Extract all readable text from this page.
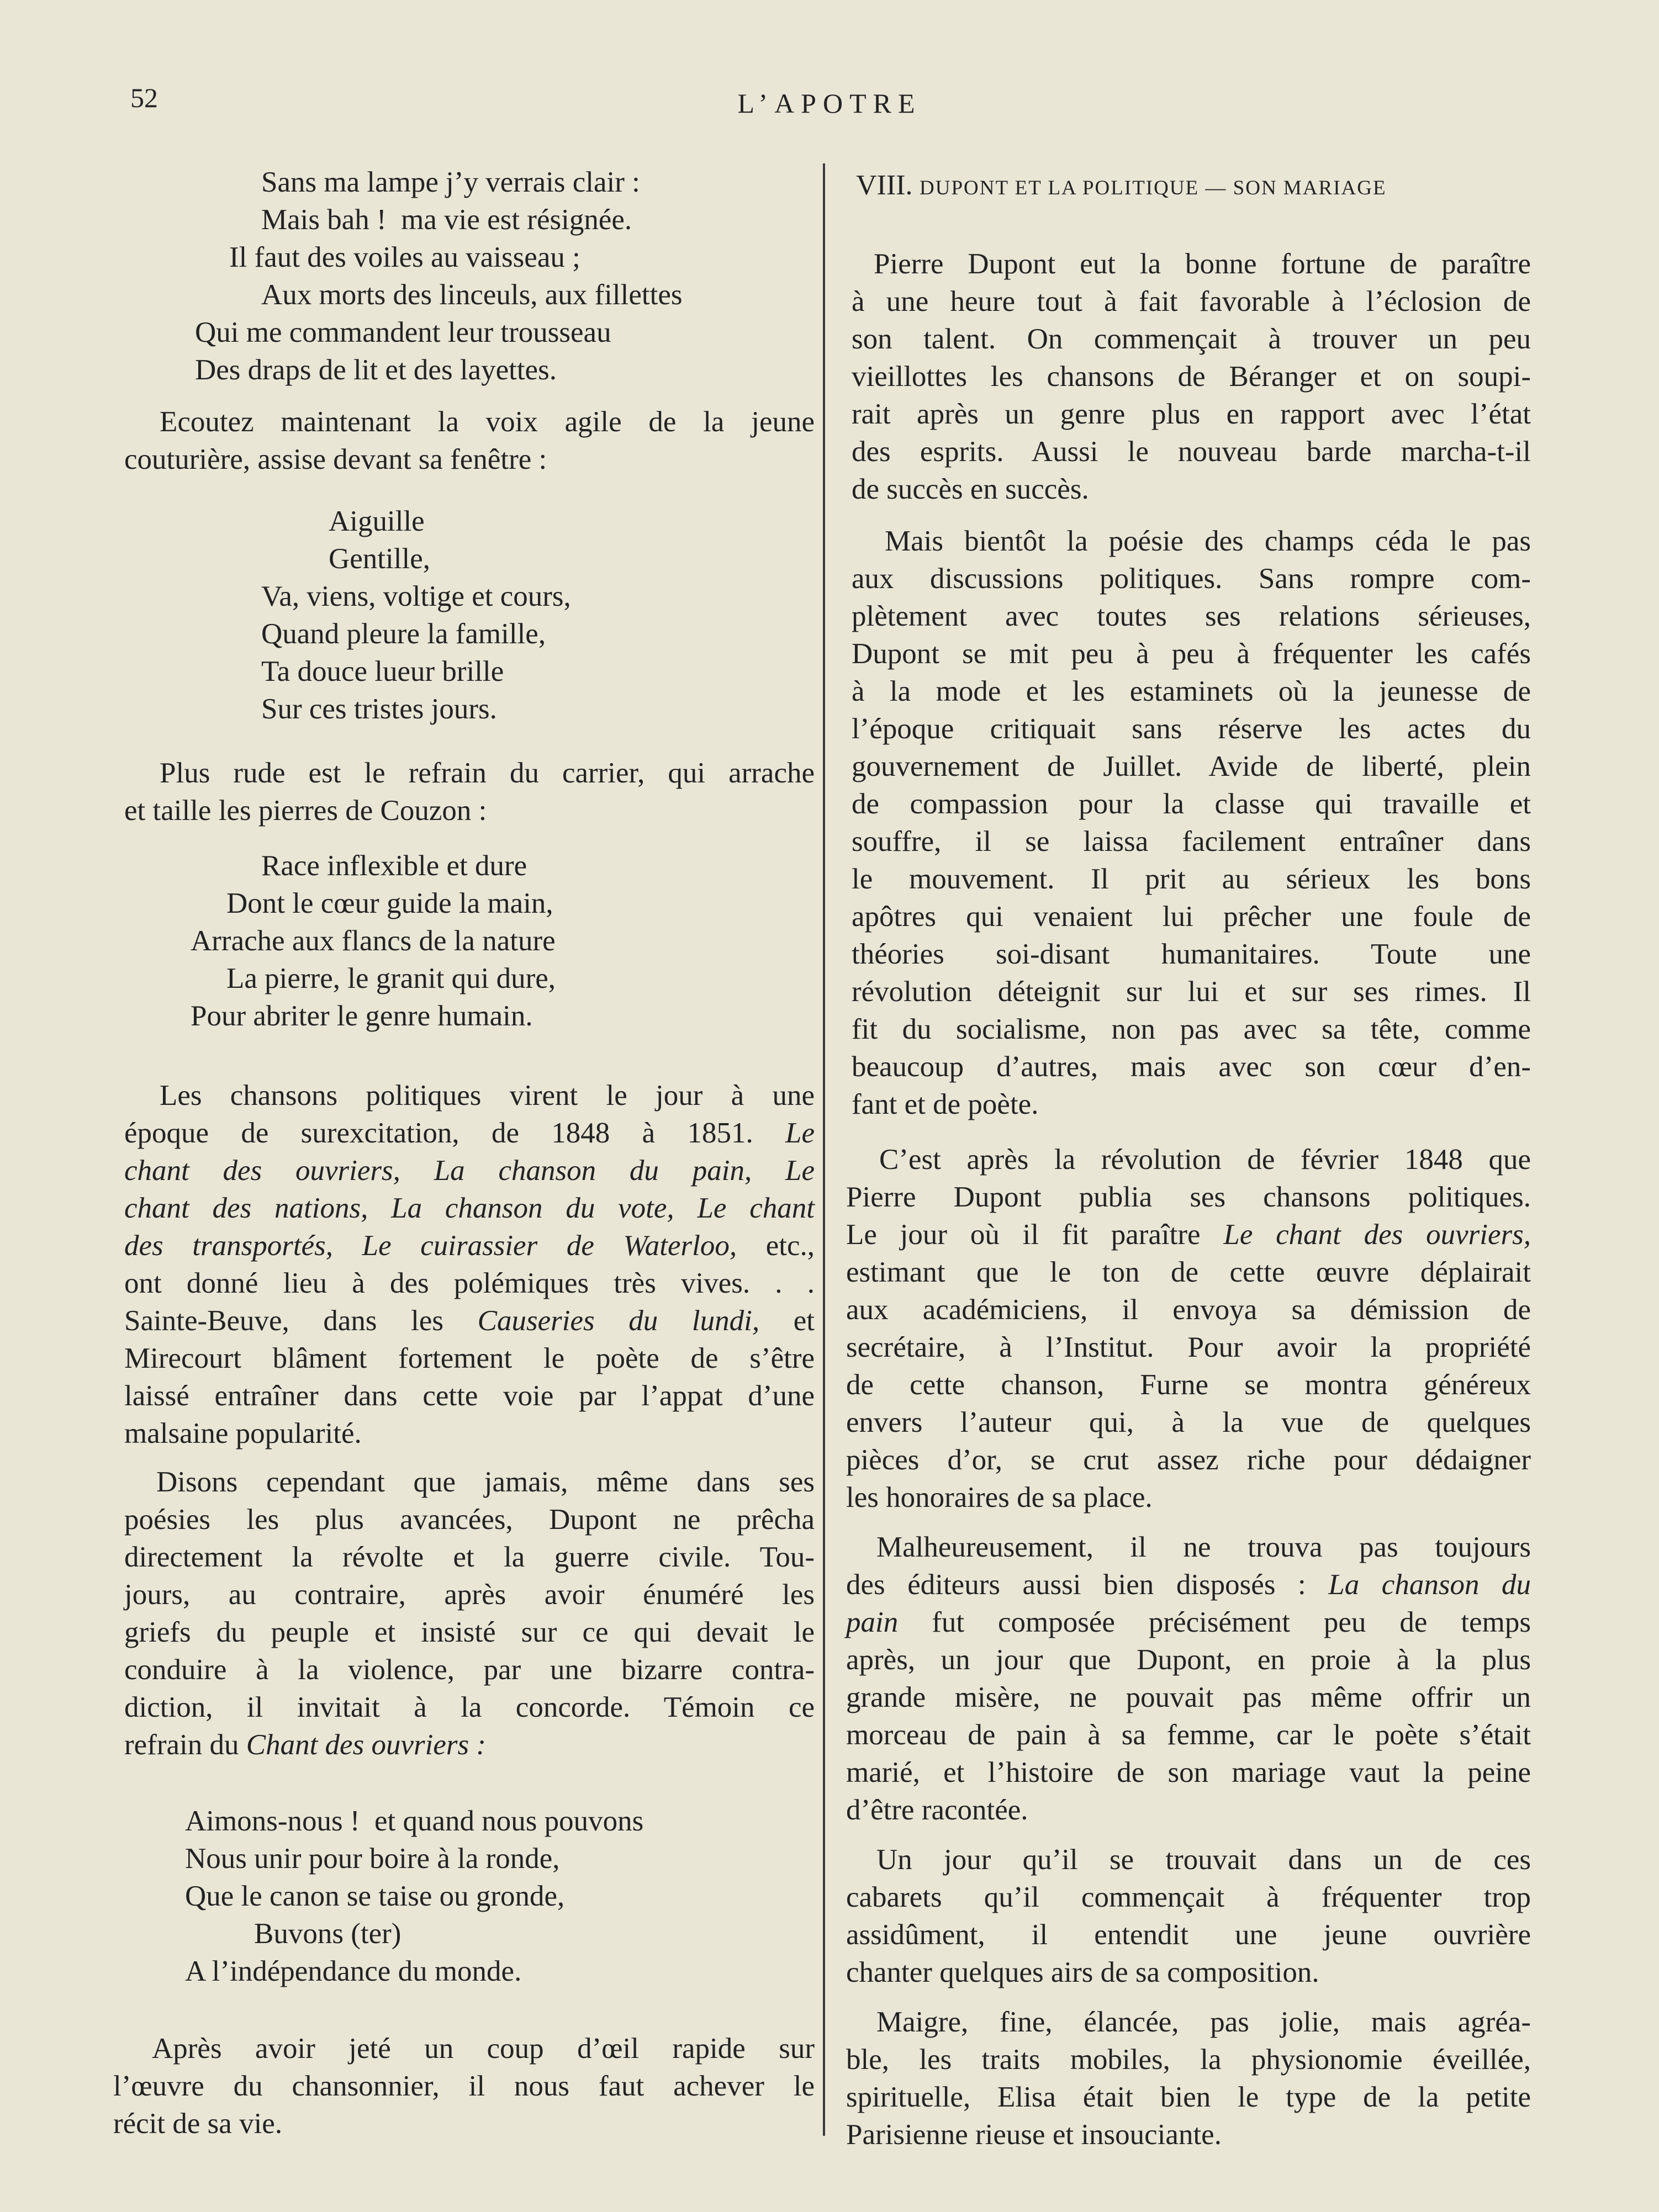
52	L’APOTRE
Sans ma lampe j’y verrais clair :
Mais bah !  ma vie est résignée.
Il faut des voiles au vaisseau ;
Aux morts des linceuls, aux fillettes
Qui me commandent leur trousseau
Des draps de lit et des layettes.
Ecoutez maintenant la voix agile de la jeune
couturière, assise devant sa fenêtre :
Aiguille
Gentille,
Va, viens, voltige et cours,
Quand pleure la famille,
Ta douce lueur brille
Sur ces tristes jours.
Plus rude est le refrain du carrier, qui arrache
et taille les pierres de Couzon :
Race inflexible et dure
Dont le cœur guide la main,
Arrache aux flancs de la nature
La pierre, le granit qui dure,
Pour abriter le genre humain.
Les chansons politiques virent le jour à une
époque de surexcitation, de 1848 à 1851. Le
chant des ouvriers, La chanson du pain, Le
chant des nations, La chanson du vote, Le chant
des transportés, Le cuirassier de Waterloo, etc.,
ont donné lieu à des polémiques très vives. . .
Sainte-Beuve, dans les Causeries du lundi, et
Mirecourt blâment fortement le poète de s’être
laissé entraîner dans cette voie par l’appat d’une
malsaine popularité.
Disons cependant que jamais, même dans ses
poésies les plus avancées, Dupont ne prêcha
directement la révolte et la guerre civile. Tou-
jours, au contraire, après avoir énuméré les
griefs du peuple et insisté sur ce qui devait le
conduire à la violence, par une bizarre contra-
diction, il invitait à la concorde. Témoin ce
refrain du Chant des ouvriers :
Aimons-nous !  et quand nous pouvons
Nous unir pour boire à la ronde,
Que le canon se taise ou gronde,
Buvons (ter)
A l’indépendance du monde.
Après avoir jeté un coup d’œil rapide sur
l’œuvre du chansonnier, il nous faut achever le
récit de sa vie.
VIII. DUPONT ET LA POLITIQUE — SON MARIAGE
Pierre Dupont eut la bonne fortune de paraître
à une heure tout à fait favorable à l’éclosion de
son talent. On commençait à trouver un peu
vieillottes les chansons de Béranger et on soupi-
rait après un genre plus en rapport avec l’état
des esprits. Aussi le nouveau barde marcha-t-il
de succès en succès.
Mais bientôt la poésie des champs céda le pas
aux discussions politiques. Sans rompre com-
plètement avec toutes ses relations sérieuses,
Dupont se mit peu à peu à fréquenter les cafés
à la mode et les estaminets où la jeunesse de
l’époque critiquait sans réserve les actes du
gouvernement de Juillet. Avide de liberté, plein
de compassion pour la classe qui travaille et
souffre, il se laissa facilement entraîner dans
le mouvement. Il prit au sérieux les bons
apôtres qui venaient lui prêcher une foule de
théories soi-disant humanitaires. Toute une
révolution déteignit sur lui et sur ses rimes. Il
fit du socialisme, non pas avec sa tête, comme
beaucoup d’autres, mais avec son cœur d’en-
fant et de poète.
C’est après la révolution de février 1848 que
Pierre Dupont publia ses chansons politiques.
Le jour où il fit paraître Le chant des ouvriers,
estimant que le ton de cette œuvre déplairait
aux académiciens, il envoya sa démission de
secrétaire, à l’Institut. Pour avoir la propriété
de cette chanson, Furne se montra généreux
envers l’auteur qui, à la vue de quelques
pièces d’or, se crut assez riche pour dédaigner
les honoraires de sa place.
Malheureusement, il ne trouva pas toujours
des éditeurs aussi bien disposés : La chanson du
pain fut composée précisément peu de temps
après, un jour que Dupont, en proie à la plus
grande misère, ne pouvait pas même offrir un
morceau de pain à sa femme, car le poète s’était
marié, et l’histoire de son mariage vaut la peine
d’être racontée.
Un jour qu’il se trouvait dans un de ces
cabarets qu’il commençait à fréquenter trop
assidûment, il entendit une jeune ouvrière
chanter quelques airs de sa composition.
Maigre, fine, élancée, pas jolie, mais agréa-
ble, les traits mobiles, la physionomie éveillée,
spirituelle, Elisa était bien le type de la petite
Parisienne rieuse et insouciante.
